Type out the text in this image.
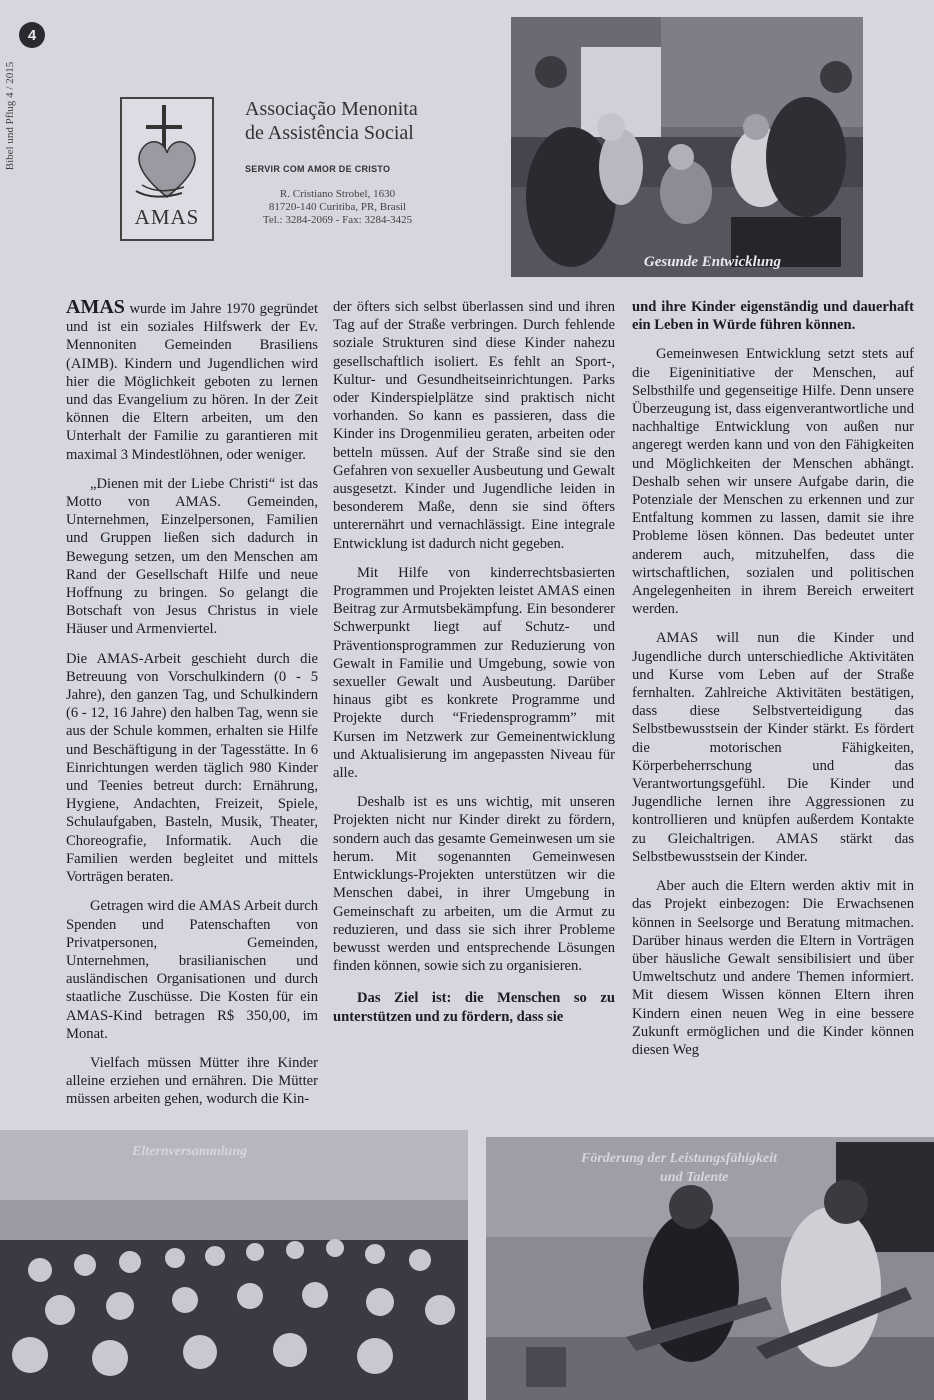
4
Bibel und Pflug 4 / 2015
AMAS

Associação Menonita

de Assistência Social

SERVIR COM AMOR DE CRISTO

R. Cristiano Strobel, 1630

81720-140 Curitiba, PR, Brasil

Tel.: 3284-2069 - Fax: 3284-3425

Gesunde Entwicklung

AMAS wurde im Jahre 1970 gegründet und ist ein soziales Hilfswerk der Ev. Mennoniten Gemeinden Brasiliens (AIMB). Kindern und Jugendlichen wird hier die Möglichkeit geboten zu lernen und das Evangelium zu hören. In der Zeit können die Eltern arbeiten, um den Unterhalt der Familie zu garantieren mit maximal 3 Mindestlöhnen, oder weniger.

„Dienen mit der Liebe Christi“ ist das Motto von AMAS. Gemeinden, Unternehmen, Einzelpersonen, Familien und Gruppen ließen sich dadurch in Bewegung setzen, um den Menschen am Rand der Gesellschaft Hilfe und neue Hoffnung zu bringen. So gelangt die Botschaft von Jesus Christus in viele Häuser und Armenviertel.

Die AMAS-Arbeit geschieht durch die Betreuung von Vorschulkindern (0 - 5 Jahre), den ganzen Tag, und Schulkindern (6 - 12, 16 Jahre) den halben Tag, wenn sie aus der Schule kommen, erhalten sie Hilfe und Beschäftigung in der Tagesstätte. In 6 Einrichtungen werden täglich 980 Kinder und Teenies betreut durch: Ernährung, Hygiene, Andachten, Freizeit, Spiele, Schulaufgaben, Basteln, Musik, Theater, Choreografie, Informatik. Auch die Familien werden begleitet und mittels Vorträgen beraten.

Getragen wird die AMAS Arbeit durch Spenden und Patenschaften von Privatpersonen, Gemeinden, Unternehmen, brasilianischen und ausländischen Organisationen und durch staatliche Zuschüsse. Die Kosten für ein AMAS-Kind betragen R$ 350,00, im Monat.

Vielfach müssen Mütter ihre Kinder alleine erziehen und ernähren. Die Mütter müssen arbeiten gehen, wodurch die Kin-

der öfters sich selbst überlassen sind und ihren Tag auf der Straße verbringen. Durch fehlende soziale Strukturen sind diese Kinder nahezu gesellschaftlich isoliert. Es fehlt an Sport-, Kultur- und Gesundheitseinrichtungen. Parks oder Kinderspielplätze sind praktisch nicht vorhanden. So kann es passieren, dass die Kinder ins Drogenmilieu geraten, arbeiten oder betteln müssen. Auf der Straße sind sie den Gefahren von sexueller Ausbeutung und Gewalt ausgesetzt. Kinder und Jugendliche leiden in besonderem Maße, denn sie sind öfters unterernährt und vernachlässigt. Eine integrale Entwicklung ist dadurch nicht gegeben.

Mit Hilfe von kinderrechtsbasierten Programmen und Projekten leistet AMAS einen Beitrag zur Armutsbekämpfung. Ein besonderer Schwerpunkt liegt auf Schutz- und Präventionsprogrammen zur Reduzierung von Gewalt in Familie und Umgebung, sowie von sexueller Gewalt und Ausbeutung. Darüber hinaus gibt es konkrete Programme und Projekte durch “Friedensprogramm” mit Kursen im Netzwerk zur Gemeinentwicklung und Aktualisierung im angepassten Niveau für alle.

Deshalb ist es uns wichtig, mit unseren Projekten nicht nur Kinder direkt zu fördern, sondern auch das gesamte Gemeinwesen um sie herum. Mit sogenannten Gemeinwesen Entwicklungs-Projekten unterstützen wir die Menschen dabei, in ihrer Umgebung in Gemeinschaft zu arbeiten, um die Armut zu reduzieren, und dass sie sich ihrer Probleme bewusst werden und entsprechende Lösungen finden können, sowie sich zu organisieren.

Das Ziel ist: die Menschen so zu unterstützen und zu fördern, dass sie

und ihre Kinder eigenständig und dauerhaft ein Leben in Würde führen können.

Gemeinwesen Entwicklung setzt stets auf die Eigeninitiative der Menschen, auf Selbsthilfe und gegenseitige Hilfe. Denn unsere Überzeugung ist, dass eigenverantwortliche und nachhaltige Entwicklung von außen nur angeregt werden kann und von den Fähigkeiten und Möglichkeiten der Menschen abhängt. Deshalb sehen wir unsere Aufgabe darin, die Potenziale der Menschen zu erkennen und zur Entfaltung kommen zu lassen, damit sie ihre Probleme lösen können. Das bedeutet unter anderem auch, mitzuhelfen, dass die wirtschaftlichen, sozialen und politischen Angelegenheiten in ihrem Bereich erweitert werden.

AMAS will nun die Kinder und Jugendliche durch unterschiedliche Aktivitäten und Kurse vom Leben auf der Straße fernhalten. Zahlreiche Aktivitäten bestätigen, dass diese Selbstverteidigung das Selbstbewusstsein der Kinder stärkt. Es fördert die motorischen Fähigkeiten, Körperbeherrschung und das Verantwortungsgefühl. Die Kinder und Jugendliche lernen ihre Aggressionen zu kontrollieren und knüpfen außerdem Kontakte zu Gleichaltrigen. AMAS stärkt das Selbstbewusstsein der Kinder.

Aber auch die Eltern werden aktiv mit in das Projekt einbezogen: Die Erwachsenen können in Seelsorge und Beratung mitmachen. Darüber hinaus werden die Eltern in Vorträgen über häusliche Gewalt sensibilisiert und über Umweltschutz und andere Themen informiert. Mit diesem Wissen können Eltern ihren Kindern einen neuen Weg in eine bessere Zukunft ermöglichen und die Kinder können diesen Weg

Elternversammlung	Förderung der Leistungsfähigkeit
und Talente
